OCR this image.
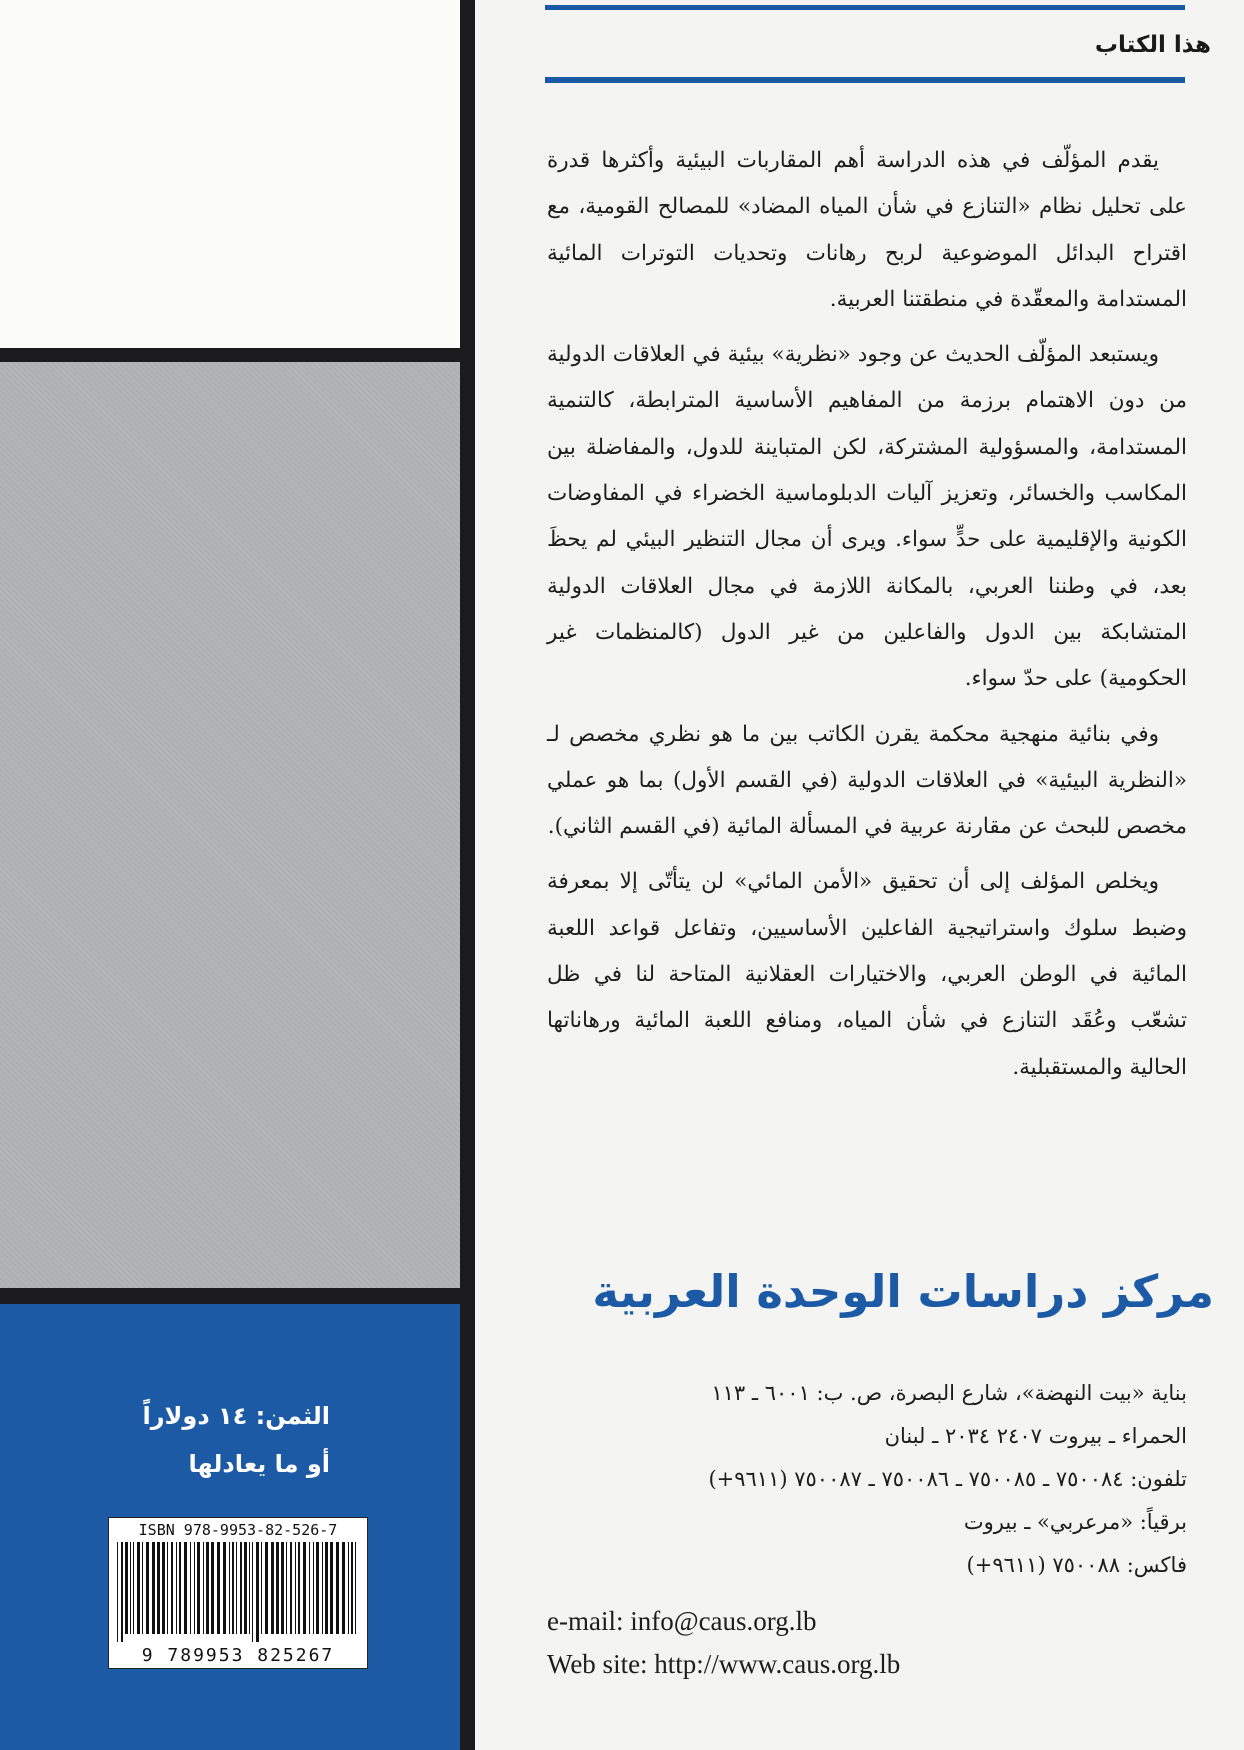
الثمن: ١٤ دولاراً
أو ما يعادلها
ISBN 978-9953-82-526-7
9 789953 825267
هذا الكتاب

يقدم المؤلّف في هذه الدراسة أهم المقاربات البيئية وأكثرها قدرة على تحليل نظام «التنازع في شأن المياه المضاد» للمصالح القومية، مع اقتراح البدائل الموضوعية لربح رهانات وتحديات التوترات المائية المستدامة والمعقّدة في منطقتنا العربية.

ويستبعد المؤلّف الحديث عن وجود «نظرية» بيئية في العلاقات الدولية من دون الاهتمام برزمة من المفاهيم الأساسية المترابطة، كالتنمية المستدامة، والمسؤولية المشتركة، لكن المتباينة للدول، والمفاضلة بين المكاسب والخسائر، وتعزيز آليات الدبلوماسية الخضراء في المفاوضات الكونية والإقليمية على حدٍّ سواء. ويرى أن مجال التنظير البيئي لم يحظَ بعد، في وطننا العربي، بالمكانة اللازمة في مجال العلاقات الدولية المتشابكة بين الدول والفاعلين من غير الدول (كالمنظمات غير الحكومية) على حدّ سواء.

وفي بنائية منهجية محكمة يقرن الكاتب بين ما هو نظري مخصص لـ «النظرية البيئية» في العلاقات الدولية (في القسم الأول) بما هو عملي مخصص للبحث عن مقارنة عربية في المسألة المائية (في القسم الثاني).

ويخلص المؤلف إلى أن تحقيق «الأمن المائي» لن يتأتّى إلا بمعرفة وضبط سلوك واستراتيجية الفاعلين الأساسيين، وتفاعل قواعد اللعبة المائية في الوطن العربي، والاختيارات العقلانية المتاحة لنا في ظل تشعّب وعُقَد التنازع في شأن المياه، ومنافع اللعبة المائية ورهاناتها الحالية والمستقبلية.

مركز دراسات الوحدة العربية
بناية «بيت النهضة»، شارع البصرة، ص. ب: ٦٠٠١ ـ ١١٣
الحمراء ـ بيروت ٢٤٠٧ ٢٠٣٤ ـ لبنان
تلفون: ٧٥٠٠٨٤ ـ ٧٥٠٠٨٥ ـ ٧٥٠٠٨٦ ـ ٧٥٠٠٨٧ (٩٦١١+)
برقياً: «مرعربي» ـ بيروت
فاكس: ٧٥٠٠٨٨ (٩٦١١+)
e-mail: info@caus.org.lb
Web site: http://www.caus.org.lb
